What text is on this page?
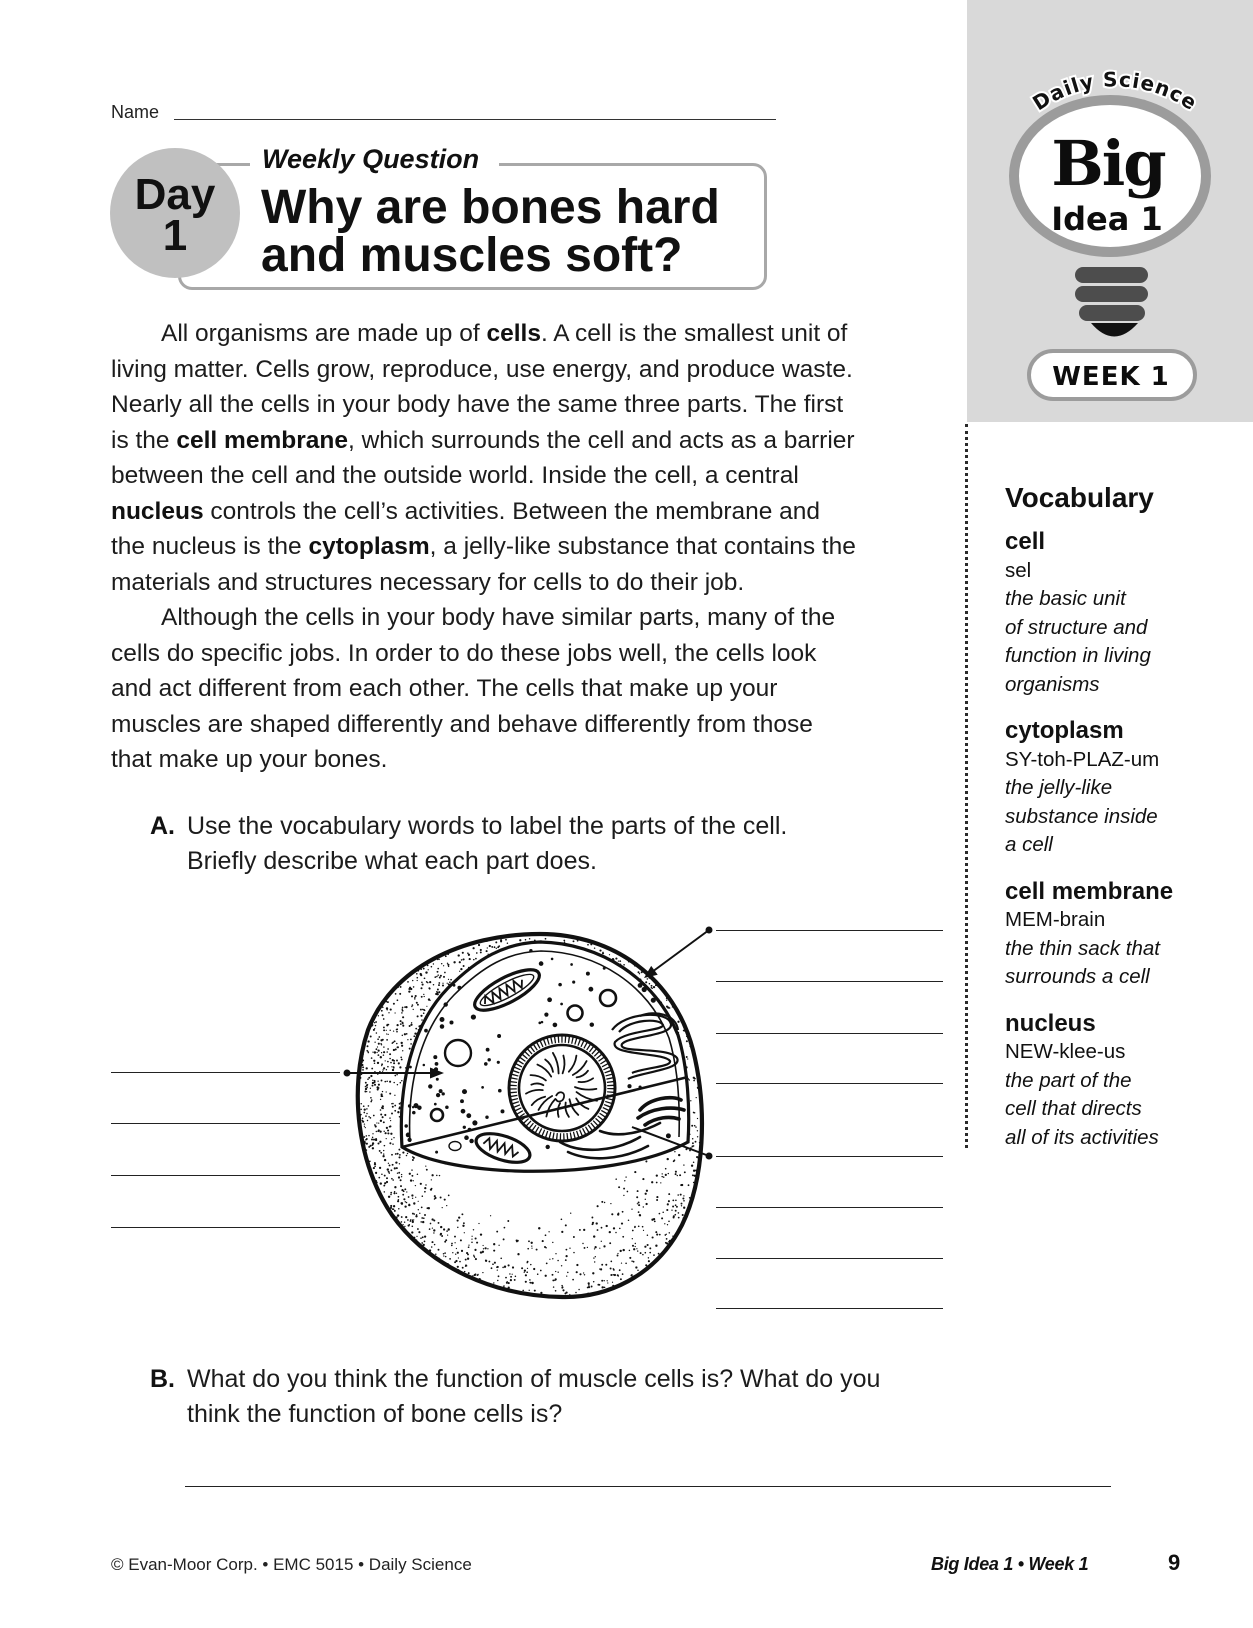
Daily Science
Big
Idea 1
WEEK 1
Name
Day
1
Weekly Question
Why are bones hard
and muscles soft?
All organisms are made up of cells. A cell is the smallest unit of
living matter. Cells grow, reproduce, use energy, and produce waste.
Nearly all the cells in your body have the same three parts. The first
is the cell membrane, which surrounds the cell and acts as a barrier
between the cell and the outside world. Inside the cell, a central
nucleus controls the cell’s activities. Between the membrane and
the nucleus is the cytoplasm, a jelly-like substance that contains the
materials and structures necessary for cells to do their job.
Although the cells in your body have similar parts, many of the
cells do specific jobs. In order to do these jobs well, the cells look
and act different from each other. The cells that make up your
muscles are shaped differently and behave differently from those
that make up your bones.
A. Use the vocabulary words to label the parts of the cell.
Briefly describe what each part does.
B. What do you think the function of muscle cells is? What do you
think the function of bone cells is?
Vocabulary
cell
sel
the basic unit
of structure and
function in living
organisms
cytoplasm
SY-toh-PLAZ-um
the jelly-like
substance inside
a cell
cell membrane
MEM-brain
the thin sack that
surrounds a cell
nucleus
NEW-klee-us
the part of the
cell that directs
all of its activities
© Evan-Moor Corp. • EMC 5015 • Daily Science	Big Idea 1 • Week 1	9
